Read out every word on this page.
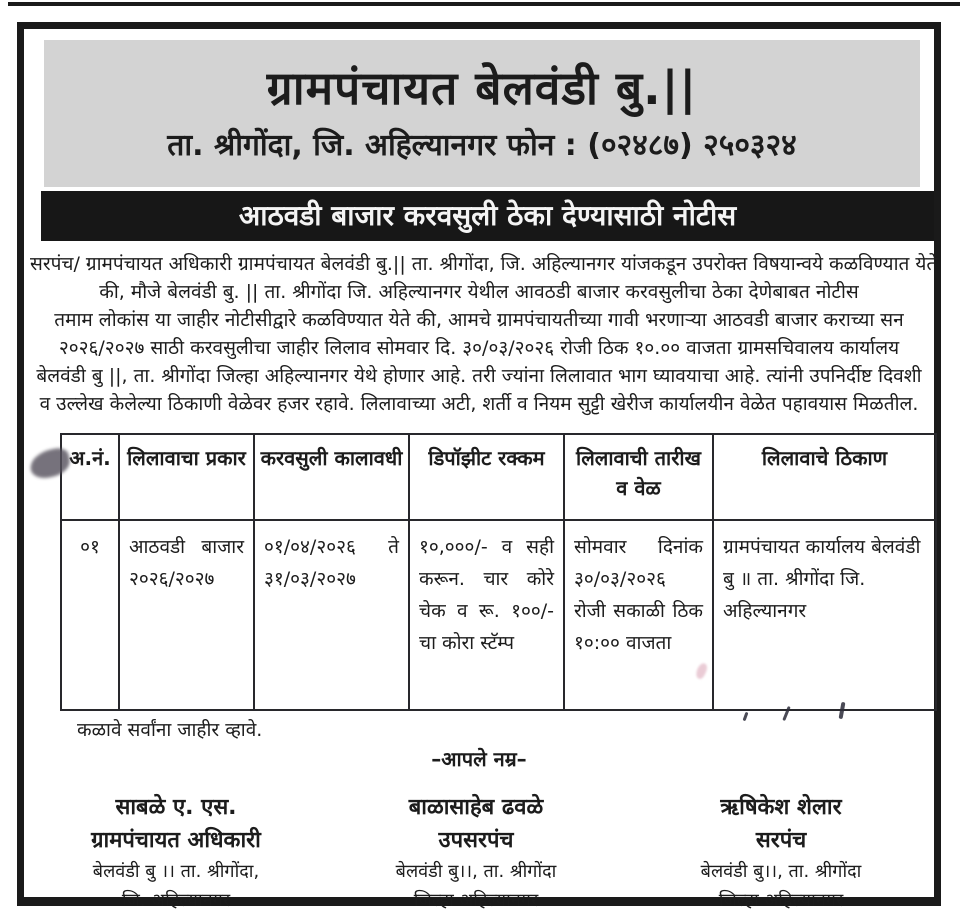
ग्रामपंचायत बेलवंडी बु.||
ता. श्रीगोंदा, जि. अहिल्यानगर फोन : (०२४८७) २५०३२४
आठवडी बाजार करवसुली ठेका देण्यासाठी नोटीस
सरपंच/ ग्रामपंचायत अधिकारी ग्रामपंचायत बेलवंडी बु.|| ता. श्रीगोंदा, जि. अहिल्यानगर यांजकडून उपरोक्त विषयान्वये कळविण्यात येते
की, मौजे बेलवंडी बु. || ता. श्रीगोंदा जि. अहिल्यानगर येथील आवठडी बाजार करवसुलीचा ठेका देणेबाबत नोटीस
तमाम लोकांस या जाहीर नोटीसीद्वारे कळविण्यात येते की, आमचे ग्रामपंचायतीच्या गावी भरणाऱ्या आठवडी बाजार कराच्या सन
२०२६/२०२७ साठी करवसुलीचा जाहीर लिलाव सोमवार दि. ३०/०३/२०२६ रोजी ठिक १०.०० वाजता ग्रामसचिवालय कार्यालय
बेलवंडी बु ||, ता. श्रीगोंदा जिल्हा अहिल्यानगर येथे होणार आहे. तरी ज्यांना लिलावात भाग घ्यावयाचा आहे. त्यांनी उपनिर्दीष्ट दिवशी
व उल्लेख केलेल्या ठिकाणी वेळेवर हजर रहावे. लिलावाच्या अटी, शर्ती व नियम सुट्टी खेरीज कार्यालयीन वेळेत पहावयास मिळतील.
अ.नं.	लिलावाचा प्रकार	करवसुली कालावधी	डिपॉझीट रक्कम	लिलावाची तारीख व वेळ	लिलावाचे ठिकाण
०१	आठवडी बाजार २०२६/२०२७	०१/०४/२०२६ ते ३१/०३/२०२७	१०,०००/- व सही करून. चार कोरे चेक व रू. १००/- चा कोरा स्टॅम्प	सोमवार दिनांक ३०/०३/२०२६ रोजी सकाळी ठिक १०:०० वाजता	ग्रामपंचायत कार्यालय बेलवंडी बु ॥ ता. श्रीगोंदा जि. अहिल्यानगर
कळावे सर्वांना जाहीर व्हावे.
–आपले नम्र–
साबळे ए. एस.
ग्रामपंचायत अधिकारी
बेलवंडी बु ।। ता. श्रीगोंदा,
जि. अहिल्यानगर
बाळासाहेब ढवळे
उपसरपंच
बेलवंडी बु।।, ता. श्रीगोंदा
जिल्हा अहिल्यानगर
ऋषिकेश शेलार
सरपंच
बेलवंडी बु।।, ता. श्रीगोंदा
जिल्हा अहिल्यानगर
